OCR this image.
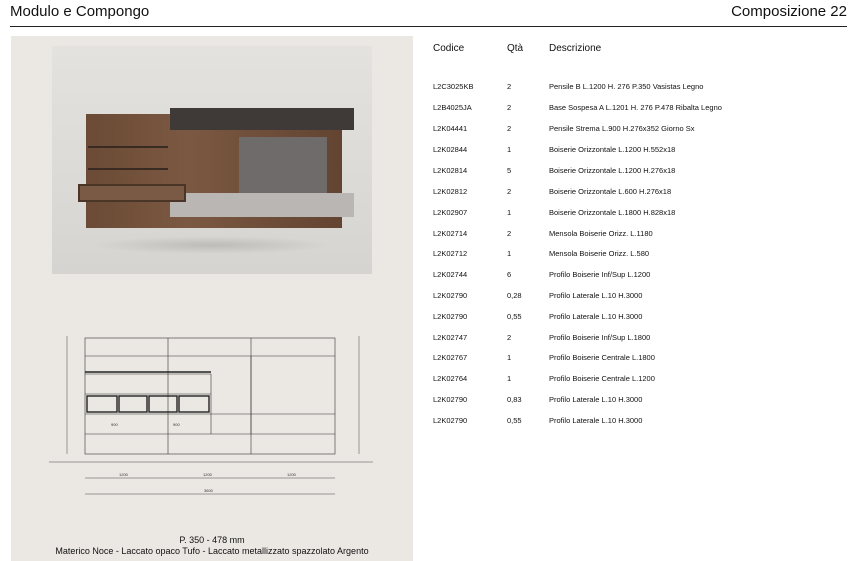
Modulo e Compongo	Composizione 22
1200	1200	1200
3600
900	900
P. 350 - 478 mm
Materico Noce - Laccato opaco Tufo - Laccato metallizzato spazzolato Argento
Codice	Qtà	Descrizione
L2C3025KB	2	Pensile B L.1200 H. 276 P.350 Vasistas Legno
L2B4025JA	2	Base Sospesa A L.1201 H. 276 P.478 Ribalta Legno
L2K04441	2	Pensile Strema L.900 H.276x352 Giorno Sx
L2K02844	1	Boiserie Orizzontale L.1200 H.552x18
L2K02814	5	Boiserie Orizzontale L.1200 H.276x18
L2K02812	2	Boiserie Orizzontale L.600 H.276x18
L2K02907	1	Boiserie Orizzontale L.1800 H.828x18
L2K02714	2	Mensola Boiserie Orizz. L.1180
L2K02712	1	Mensola Boiserie Orizz. L.580
L2K02744	6	Profilo Boiserie Inf/Sup L.1200
L2K02790	0,28	Profilo Laterale L.10 H.3000
L2K02790	0,55	Profilo Laterale L.10 H.3000
L2K02747	2	Profilo Boiserie Inf/Sup L.1800
L2K02767	1	Profilo Boiserie Centrale L.1800
L2K02764	1	Profilo Boiserie Centrale L.1200
L2K02790	0,83	Profilo Laterale L.10 H.3000
L2K02790	0,55	Profilo Laterale L.10 H.3000
